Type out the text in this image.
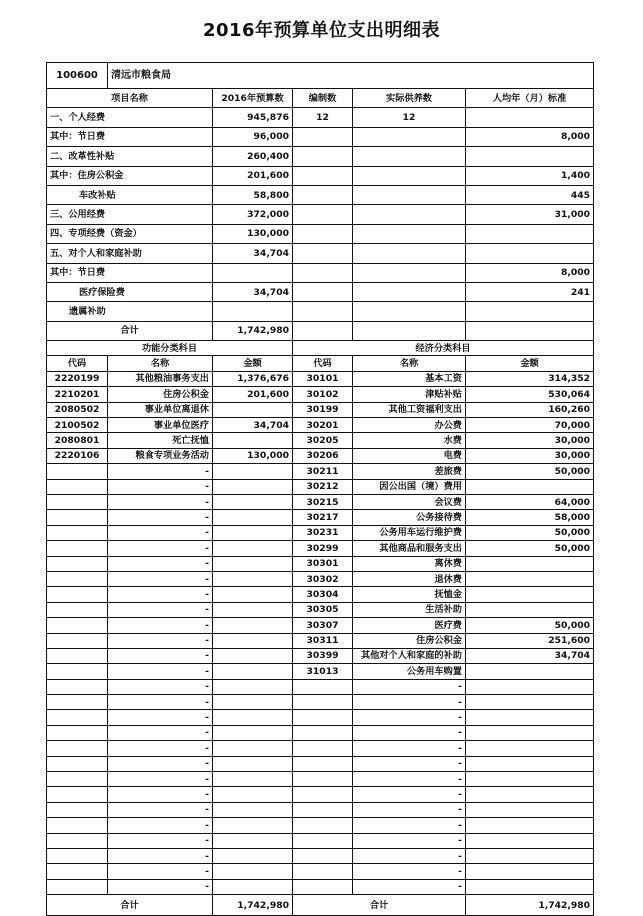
2016年预算单位支出明细表
100600	清远市粮食局				
项目名称		2016年预算数	编制数	实际供养数	人均年（月）标准
一、个人经费		945,876	12	12	
其中：节日费		96,000			8,000
二、改革性补贴		260,400			
其中：住房公积金		201,600			1,400
车改补贴		58,800			445
三、公用经费		372,000			31,000
四、专项经费（资金）		130,000			
五、对个人和家庭补助		34,704			
其中：节日费					8,000
医疗保险费		34,704			241
遗属补助					
合计		1,742,980			
功能分类科目			经济分类科目		
代码	名称	金额	代码	名称	金额
2220199	其他粮油事务支出	1,376,676	30101	基本工资	314,352
2210201	住房公积金	201,600	30102	津贴补贴	530,064
2080502	事业单位离退休		30199	其他工资福利支出	160,260
2100502	事业单位医疗	34,704	30201	办公费	70,000
2080801	死亡抚恤		30205	水费	30,000
2220106	粮食专项业务活动	130,000	30206	电费	30,000
	-		30211	差旅费	50,000
	-		30212	因公出国（境）费用	
	-		30215	会议费	64,000
	-		30217	公务接待费	58,000
	-		30231	公务用车运行维护费	50,000
	-		30299	其他商品和服务支出	50,000
	-		30301	离休费	
	-		30302	退休费	
	-		30304	抚恤金	
	-		30305	生活补助	
	-		30307	医疗费	50,000
	-		30311	住房公积金	251,600
	-		30399	其他对个人和家庭的补助	34,704
	-		31013	公务用车购置	
	-			-	
	-			-	
	-			-	
	-			-	
	-			-	
	-			-	
	-			-	
	-			-	
	-			-	
	-			-	
	-			-	
	-			-	
	-			-	
	-			-	
合计		1,742,980	合计		1,742,980
